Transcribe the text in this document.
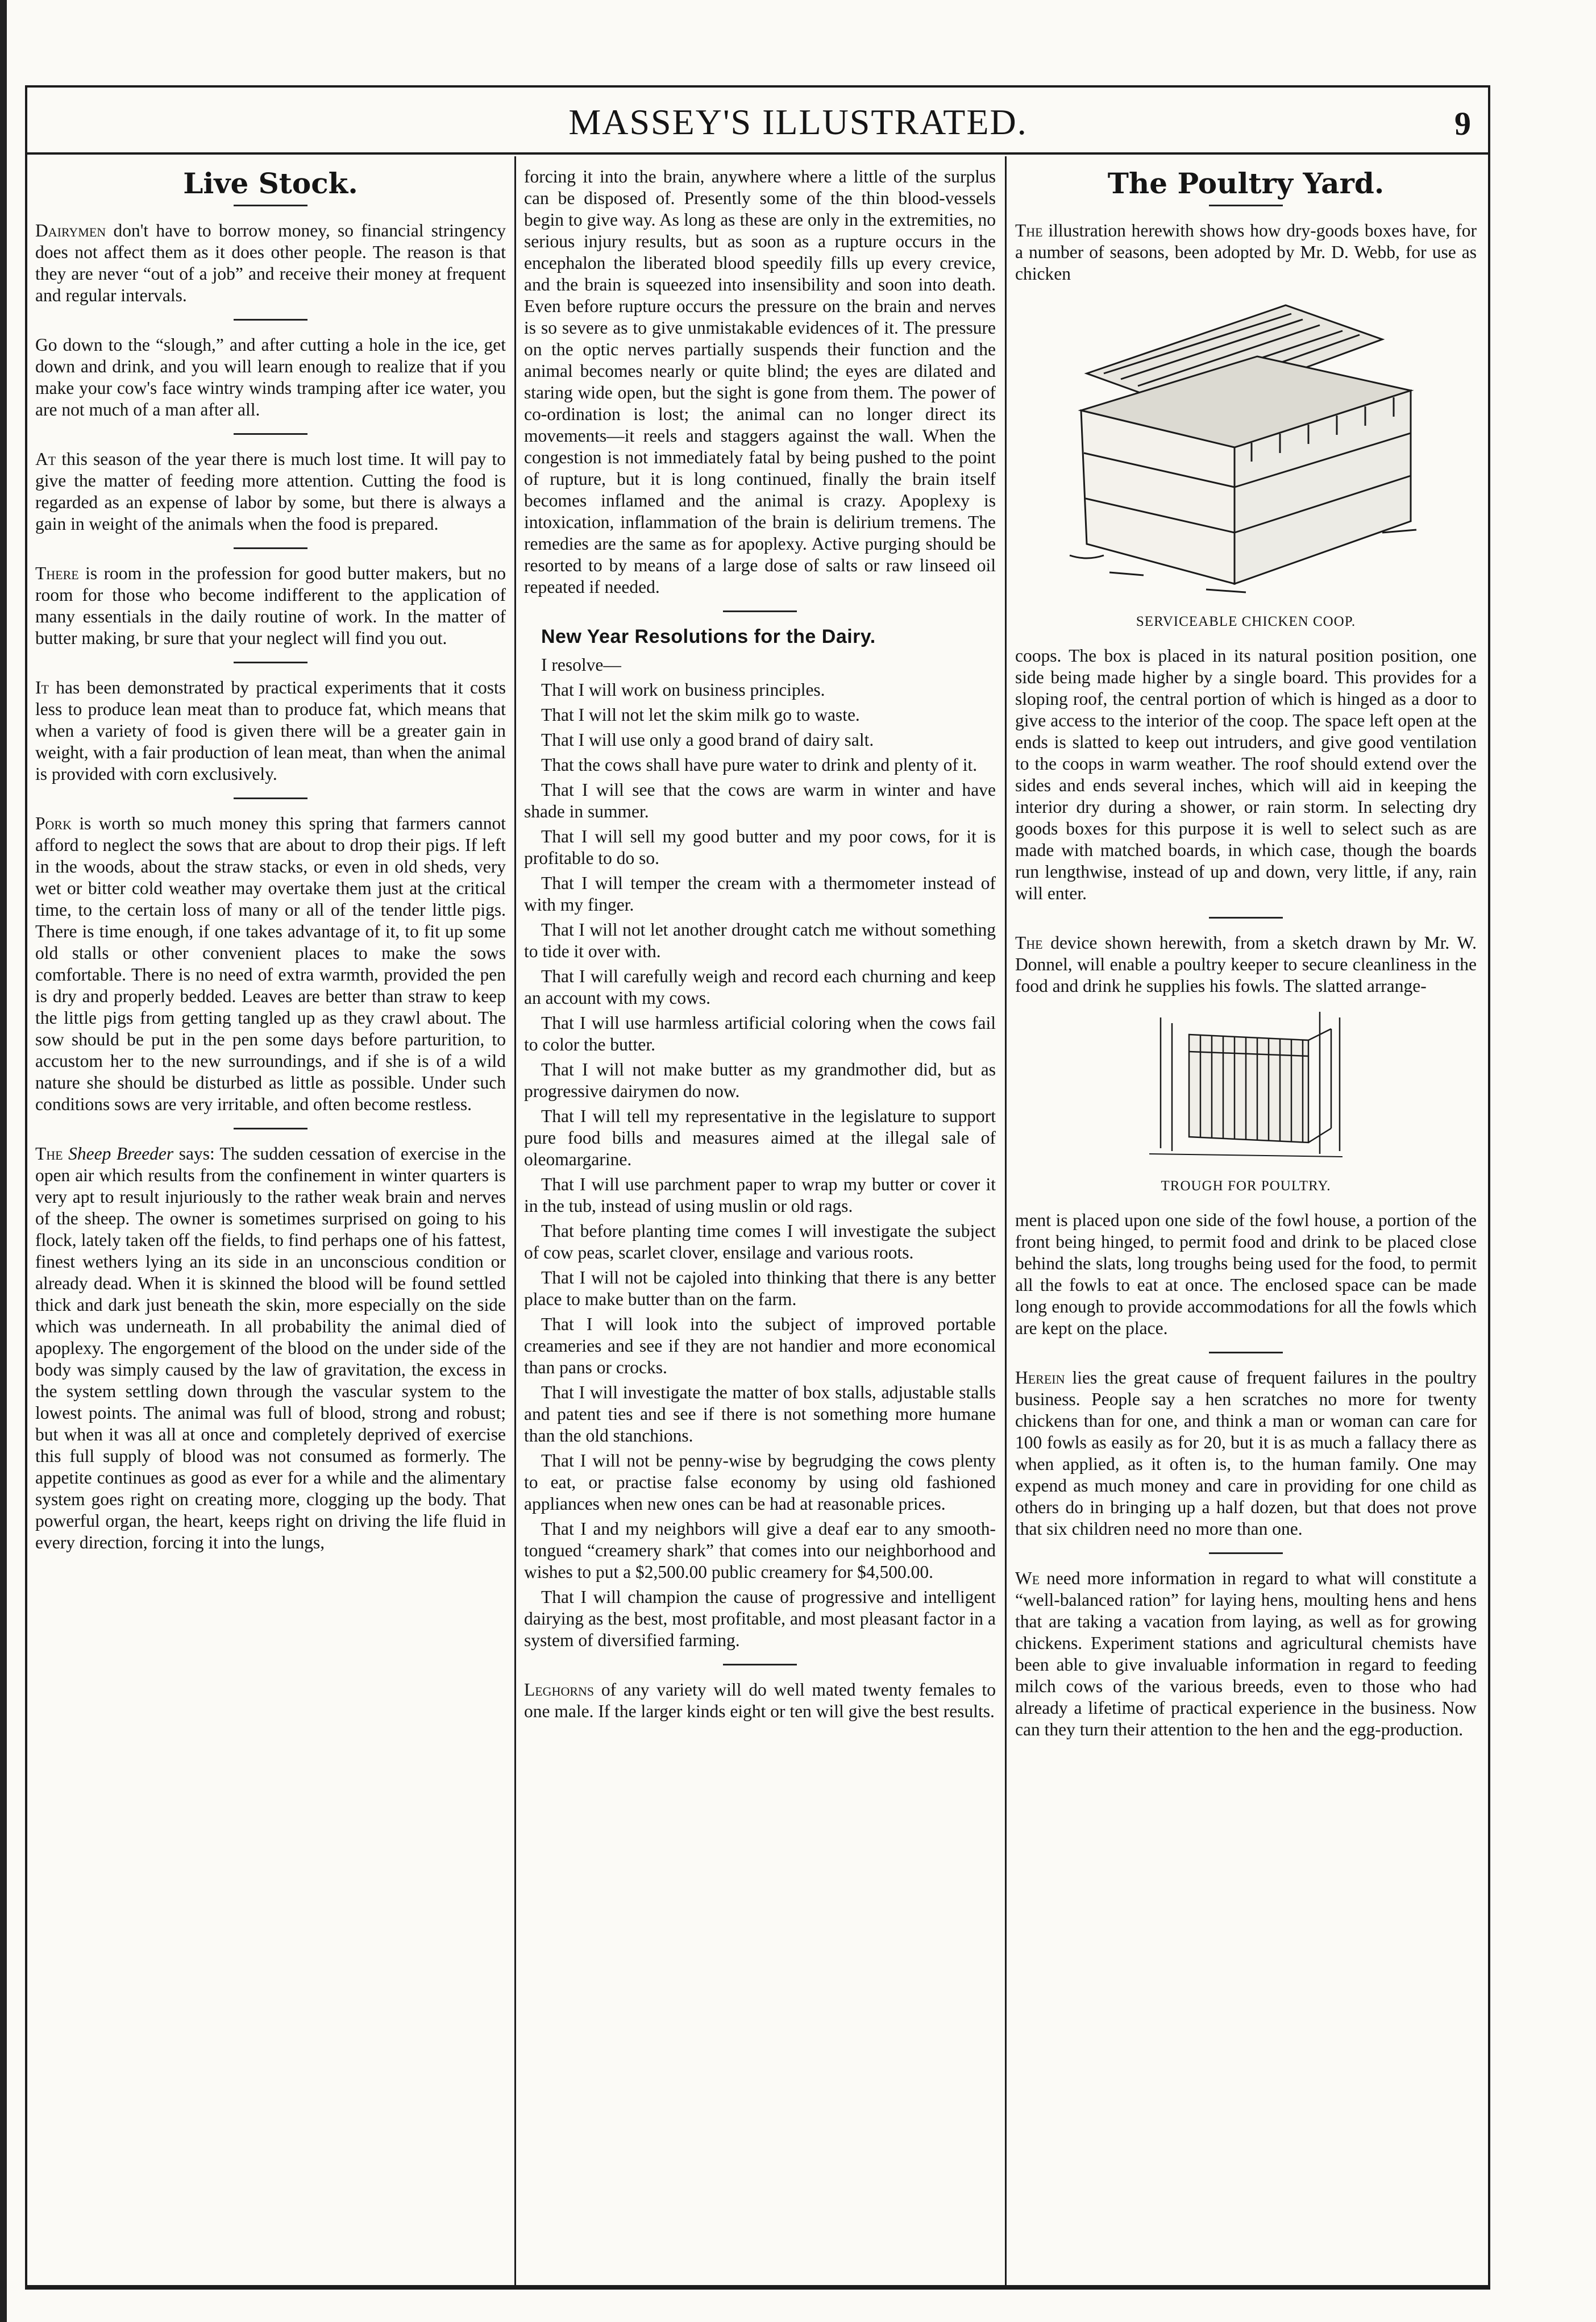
MASSEY'S ILLUSTRATED.	9
Live Stock.

Dairymen don't have to borrow money, so financial stringency does not affect them as it does other people. The reason is that they are never “out of a job” and receive their money at frequent and regular intervals.

Go down to the “slough,” and after cutting a hole in the ice, get down and drink, and you will learn enough to realize that if you make your cow's face wintry winds tramping after ice water, you are not much of a man after all.

At this season of the year there is much lost time. It will pay to give the matter of feeding more attention. Cutting the food is regarded as an expense of labor by some, but there is always a gain in weight of the animals when the food is prepared.

There is room in the profession for good butter makers, but no room for those who become indifferent to the application of many essentials in the daily routine of work. In the matter of butter making, br sure that your neglect will find you out.

It has been demonstrated by practical experiments that it costs less to produce lean meat than to produce fat, which means that when a variety of food is given there will be a greater gain in weight, with a fair production of lean meat, than when the animal is provided with corn exclusively.

Pork is worth so much money this spring that farmers cannot afford to neglect the sows that are about to drop their pigs. If left in the woods, about the straw stacks, or even in old sheds, very wet or bitter cold weather may overtake them just at the critical time, to the certain loss of many or all of the tender little pigs. There is time enough, if one takes advantage of it, to fit up some old stalls or other convenient places to make the sows comfortable. There is no need of extra warmth, provided the pen is dry and properly bedded. Leaves are better than straw to keep the little pigs from getting tangled up as they crawl about. The sow should be put in the pen some days before parturition, to accustom her to the new surroundings, and if she is of a wild nature she should be disturbed as little as possible. Under such conditions sows are very irritable, and often become restless.

The Sheep Breeder says: The sudden cessation of exercise in the open air which results from the confinement in winter quarters is very apt to result injuriously to the rather weak brain and nerves of the sheep. The owner is sometimes surprised on going to his flock, lately taken off the fields, to find perhaps one of his fattest, finest wethers lying an its side in an unconscious condition or already dead. When it is skinned the blood will be found settled thick and dark just beneath the skin, more especially on the side which was underneath. In all probability the animal died of apoplexy. The engorgement of the blood on the under side of the body was simply caused by the law of gravitation, the excess in the system settling down through the vascular system to the lowest points. The animal was full of blood, strong and robust; but when it was all at once and completely deprived of exercise this full supply of blood was not consumed as formerly. The appetite continues as good as ever for a while and the alimentary system goes right on creating more, clogging up the body. That powerful organ, the heart, keeps right on driving the life fluid in every direction, forcing it into the lungs,

forcing it into the brain, anywhere where a little of the surplus can be disposed of. Presently some of the thin blood-vessels begin to give way. As long as these are only in the extremities, no serious injury results, but as soon as a rupture occurs in the encephalon the liberated blood speedily fills up every crevice, and the brain is squeezed into insensibility and soon into death. Even before rupture occurs the pressure on the brain and nerves is so severe as to give unmistakable evidences of it. The pressure on the optic nerves partially suspends their function and the animal becomes nearly or quite blind; the eyes are dilated and staring wide open, but the sight is gone from them. The power of co-ordination is lost; the animal can no longer direct its movements—it reels and staggers against the wall. When the congestion is not immediately fatal by being pushed to the point of rupture, but it is long continued, finally the brain itself becomes inflamed and the animal is crazy. Apoplexy is intoxication, inflammation of the brain is delirium tremens. The remedies are the same as for apoplexy. Active purging should be resorted to by means of a large dose of salts or raw linseed oil repeated if needed.

New Year Resolutions for the Dairy.

I resolve—

That I will work on business principles.

That I will not let the skim milk go to waste.

That I will use only a good brand of dairy salt.

That the cows shall have pure water to drink and plenty of it.

That I will see that the cows are warm in winter and have shade in summer.

That I will sell my good butter and my poor cows, for it is profitable to do so.

That I will temper the cream with a thermometer instead of with my finger.

That I will not let another drought catch me without something to tide it over with.

That I will carefully weigh and record each churning and keep an account with my cows.

That I will use harmless artificial coloring when the cows fail to color the butter.

That I will not make butter as my grandmother did, but as progressive dairymen do now.

That I will tell my representative in the legislature to support pure food bills and measures aimed at the illegal sale of oleomargarine.

That I will use parchment paper to wrap my butter or cover it in the tub, instead of using muslin or old rags.

That before planting time comes I will investigate the subject of cow peas, scarlet clover, ensilage and various roots.

That I will not be cajoled into thinking that there is any better place to make butter than on the farm.

That I will look into the subject of improved portable creameries and see if they are not handier and more economical than pans or crocks.

That I will investigate the matter of box stalls, adjustable stalls and patent ties and see if there is not something more humane than the old stanchions.

That I will not be penny-wise by begrudging the cows plenty to eat, or practise false economy by using old fashioned appliances when new ones can be had at reasonable prices.

That I and my neighbors will give a deaf ear to any smooth-tongued “creamery shark” that comes into our neighborhood and wishes to put a $2,500.00 public creamery for $4,500.00.

That I will champion the cause of progressive and intelligent dairying as the best, most profitable, and most pleasant factor in a system of diversified farming.

Leghorns of any variety will do well mated twenty females to one male. If the larger kinds eight or ten will give the best results.

The Poultry Yard.

The illustration herewith shows how dry-goods boxes have, for a number of seasons, been adopted by Mr. D. Webb, for use as chicken

SERVICEABLE CHICKEN COOP.

coops. The box is placed in its natural position position, one side being made higher by a single board. This provides for a sloping roof, the central portion of which is hinged as a door to give access to the interior of the coop. The space left open at the ends is slatted to keep out intruders, and give good ventilation to the coops in warm weather. The roof should extend over the sides and ends several inches, which will aid in keeping the interior dry during a shower, or rain storm. In selecting dry goods boxes for this purpose it is well to select such as are made with matched boards, in which case, though the boards run lengthwise, instead of up and down, very little, if any, rain will enter.

The device shown herewith, from a sketch drawn by Mr. W. Donnel, will enable a poultry keeper to secure cleanliness in the food and drink he supplies his fowls. The slatted arrange-

TROUGH FOR POULTRY.

ment is placed upon one side of the fowl house, a portion of the front being hinged, to permit food and drink to be placed close behind the slats, long troughs being used for the food, to permit all the fowls to eat at once. The enclosed space can be made long enough to provide accommodations for all the fowls which are kept on the place.

Herein lies the great cause of frequent failures in the poultry business. People say a hen scratches no more for twenty chickens than for one, and think a man or woman can care for 100 fowls as easily as for 20, but it is as much a fallacy there as when applied, as it often is, to the human family. One may expend as much money and care in providing for one child as others do in bringing up a half dozen, but that does not prove that six children need no more than one.

We need more information in regard to what will constitute a “well-balanced ration” for laying hens, moulting hens and hens that are taking a vacation from laying, as well as for growing chickens. Experiment stations and agricultural chemists have been able to give invaluable information in regard to feeding milch cows of the various breeds, even to those who had already a lifetime of practical experience in the business. Now can they turn their attention to the hen and the egg-production.
